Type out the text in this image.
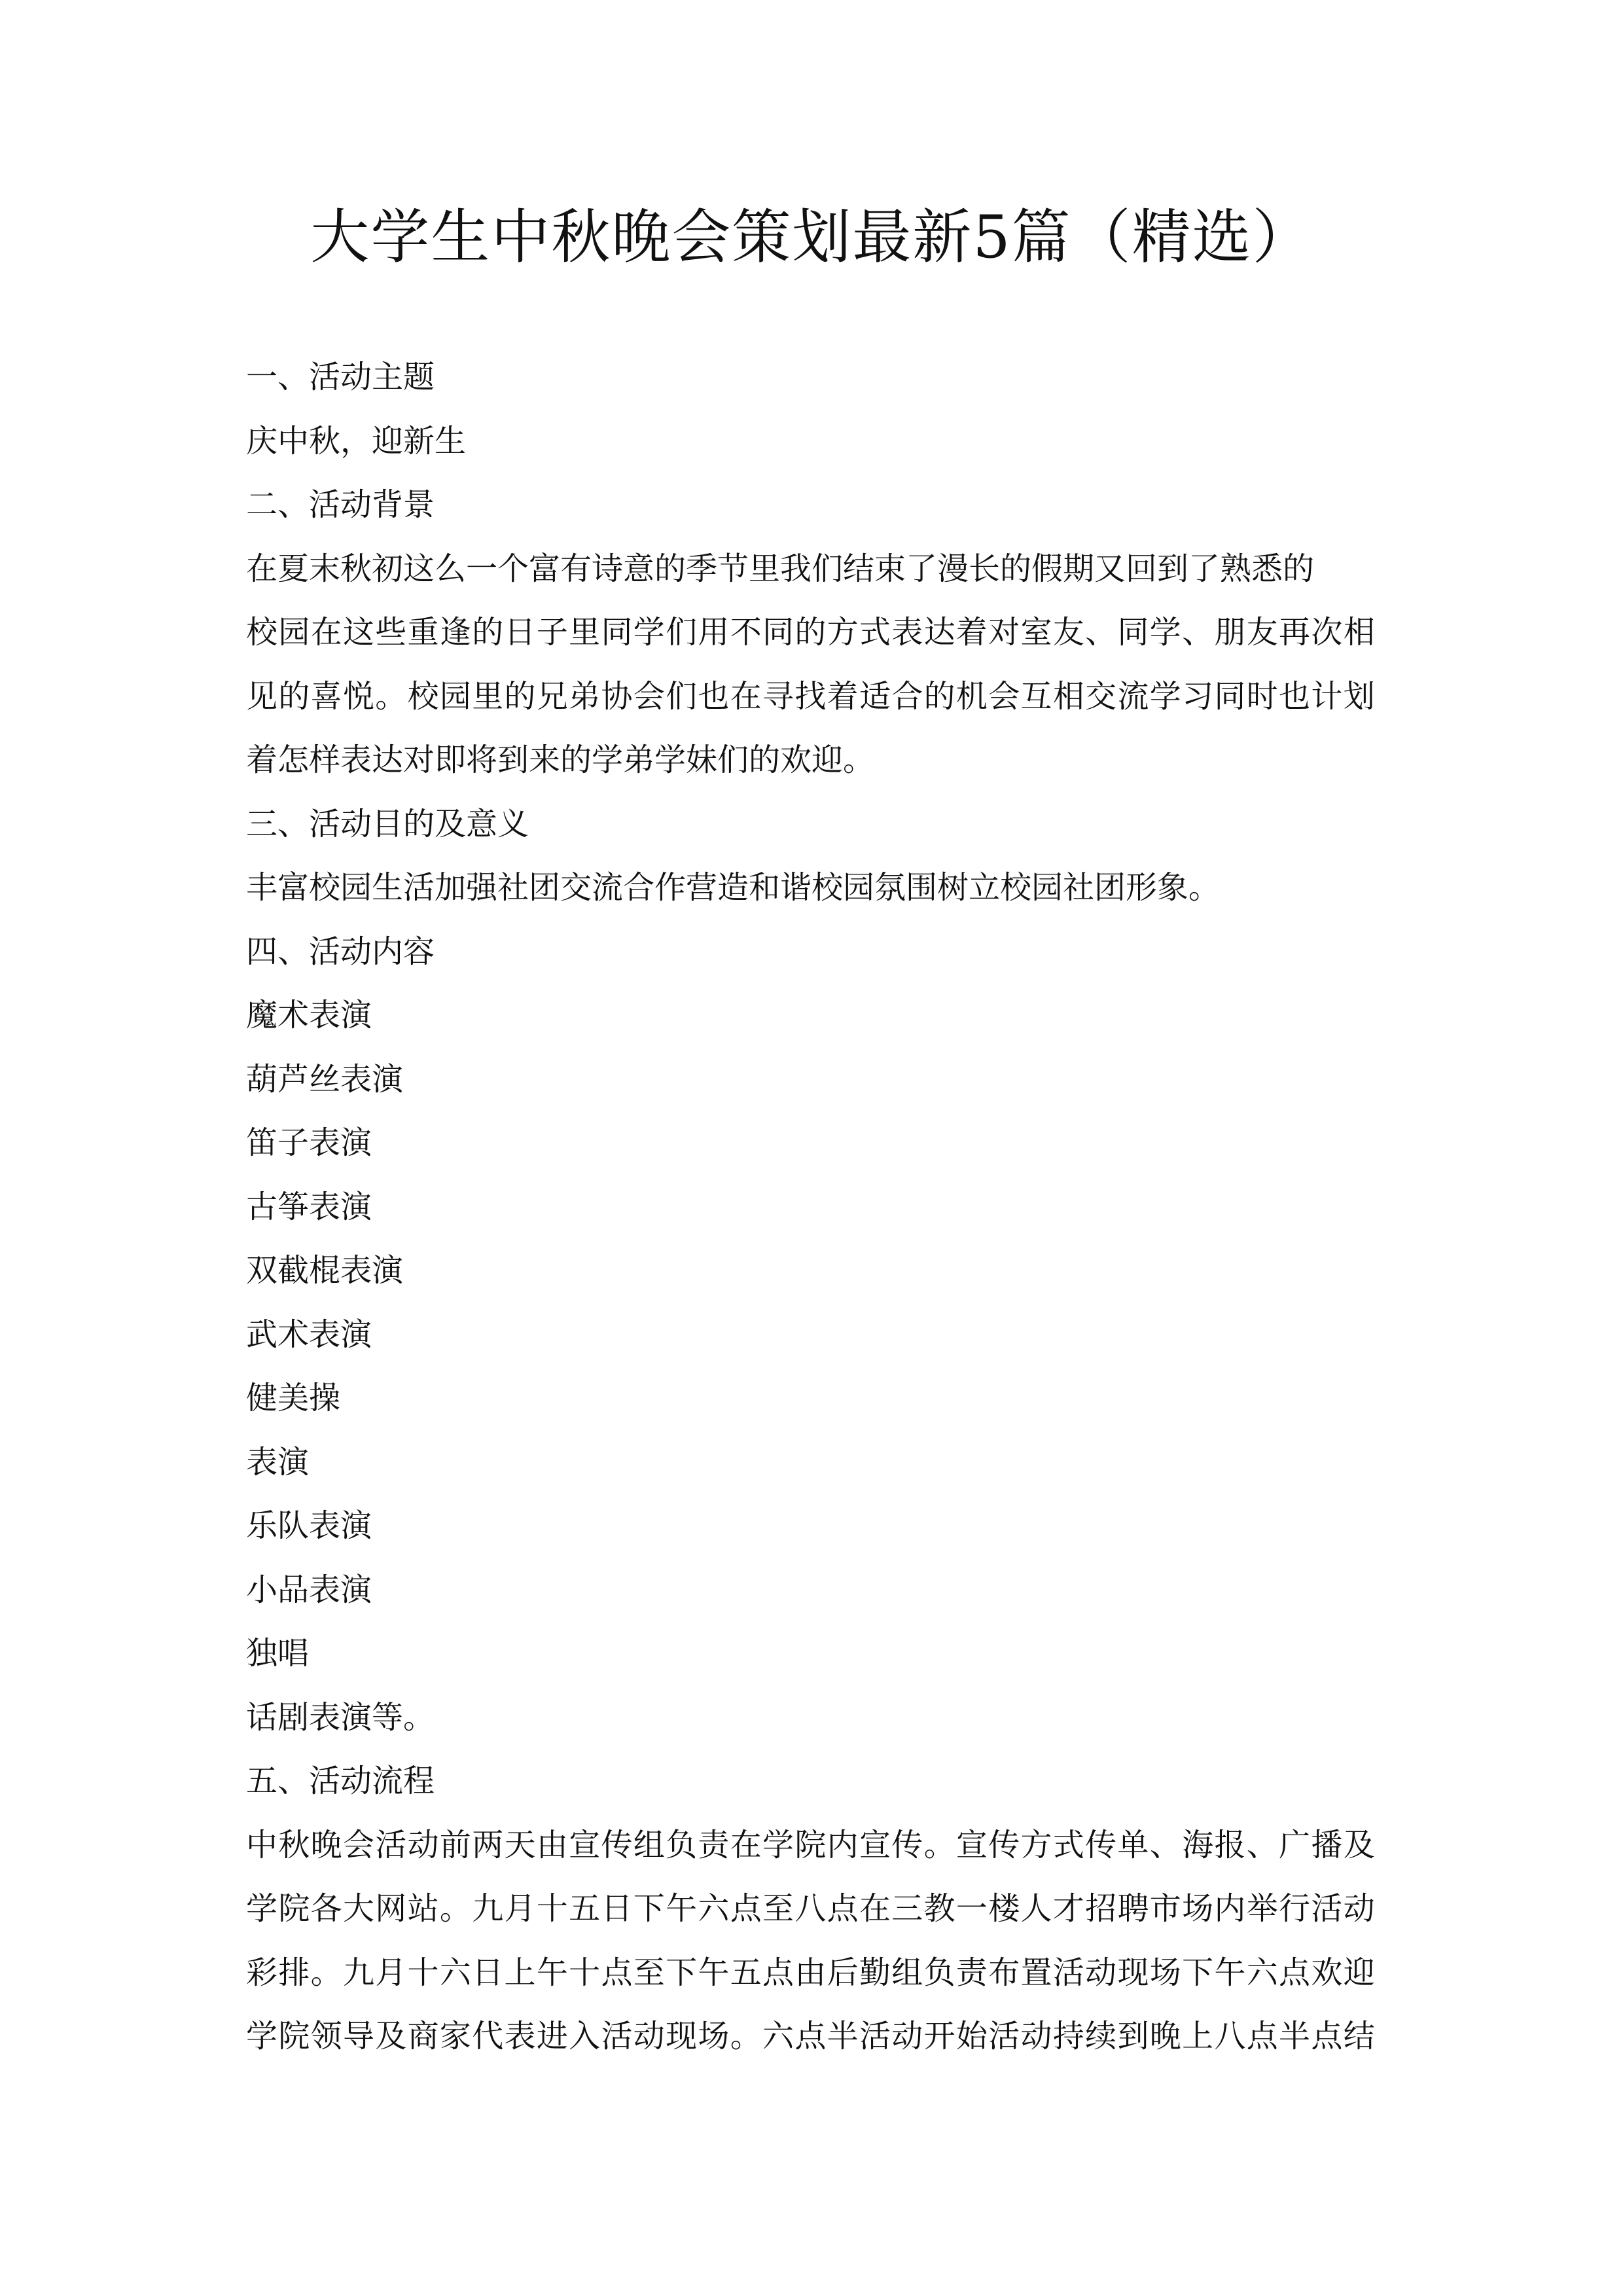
大学生中秋晚会策划最新5篇（精选）
一、活动主题
庆中秋，迎新生
二、活动背景
在夏末秋初这么一个富有诗意的季节里我们结束了漫长的假期又回到了熟悉的
校园在这些重逢的日子里同学们用不同的方式表达着对室友、同学、朋友再次相
见的喜悦。校园里的兄弟协会们也在寻找着适合的机会互相交流学习同时也计划
着怎样表达对即将到来的学弟学妹们的欢迎。
三、活动目的及意义
丰富校园生活加强社团交流合作营造和谐校园氛围树立校园社团形象。
四、活动内容
魔术表演
葫芦丝表演
笛子表演
古筝表演
双截棍表演
武术表演
健美操
表演
乐队表演
小品表演
独唱
话剧表演等。
五、活动流程
中秋晚会活动前两天由宣传组负责在学院内宣传。宣传方式传单、海报、广播及
学院各大网站。九月十五日下午六点至八点在三教一楼人才招聘市场内举行活动
彩排。九月十六日上午十点至下午五点由后勤组负责布置活动现场下午六点欢迎
学院领导及商家代表进入活动现场。六点半活动开始活动持续到晚上八点半点结
